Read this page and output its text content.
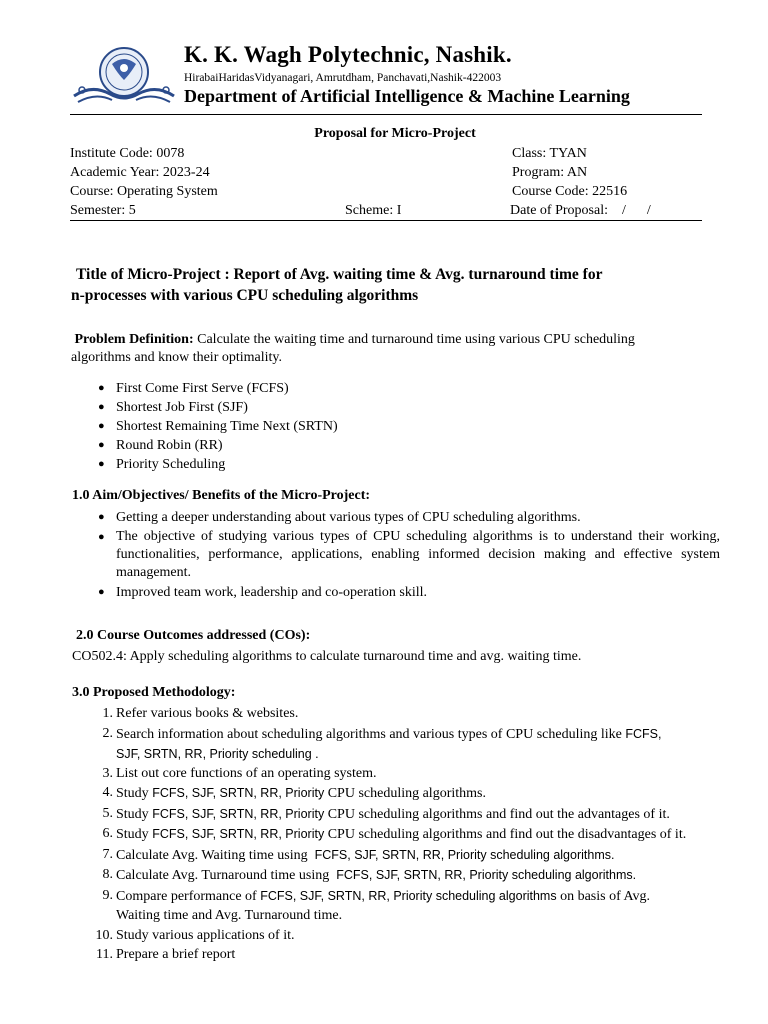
K. K. Wagh Polytechnic, Nashik.
HirabaiHaridasVidyanagari, Amrutdham, Panchavati,Nashik-422003
Department of Artificial Intelligence & Machine Learning
Proposal for Micro-Project
Institute Code: 0078
Academic Year: 2023-24
Course: Operating System
Semester: 5	Scheme: I
Class: TYAN
Program: AN
Course Code: 22516
Date of Proposal:    /      /
Title of Micro-Project : Report of Avg. waiting time & Avg. turnaround time for
n-processes with various CPU scheduling algorithms
Problem Definition: Calculate the waiting time and turnaround time using various CPU scheduling
algorithms and know their optimality.
● First Come First Serve (FCFS)
● Shortest Job First (SJF)
● Shortest Remaining Time Next (SRTN)
● Round Robin (RR)
● Priority Scheduling
1.0 Aim/Objectives/ Benefits of the Micro-Project:
● Getting a deeper understanding about various types of CPU scheduling algorithms.
● The objective of studying various types of CPU scheduling algorithms is to understand their working, functionalities, performance, applications, enabling informed decision making and effective system management.
● Improved team work, leadership and co-operation skill.
2.0 Course Outcomes addressed (COs):
CO502.4: Apply scheduling algorithms to calculate turnaround time and avg. waiting time.
3.0 Proposed Methodology:
1. Refer various books & websites.
2. Search information about scheduling algorithms and various types of CPU scheduling like FCFS,
SJF, SRTN, RR, Priority scheduling .
3. List out core functions of an operating system.
4. Study FCFS, SJF, SRTN, RR, Priority CPU scheduling algorithms.
5. Study FCFS, SJF, SRTN, RR, Priority CPU scheduling algorithms and find out the advantages of it.
6. Study FCFS, SJF, SRTN, RR, Priority CPU scheduling algorithms and find out the disadvantages of it.
7. Calculate Avg. Waiting time using  FCFS, SJF, SRTN, RR, Priority scheduling algorithms.
8. Calculate Avg. Turnaround time using  FCFS, SJF, SRTN, RR, Priority scheduling algorithms.
9. Compare performance of FCFS, SJF, SRTN, RR, Priority scheduling algorithms on basis of Avg.
Waiting time and Avg. Turnaround time.
10. Study various applications of it.
11. Prepare a brief report
